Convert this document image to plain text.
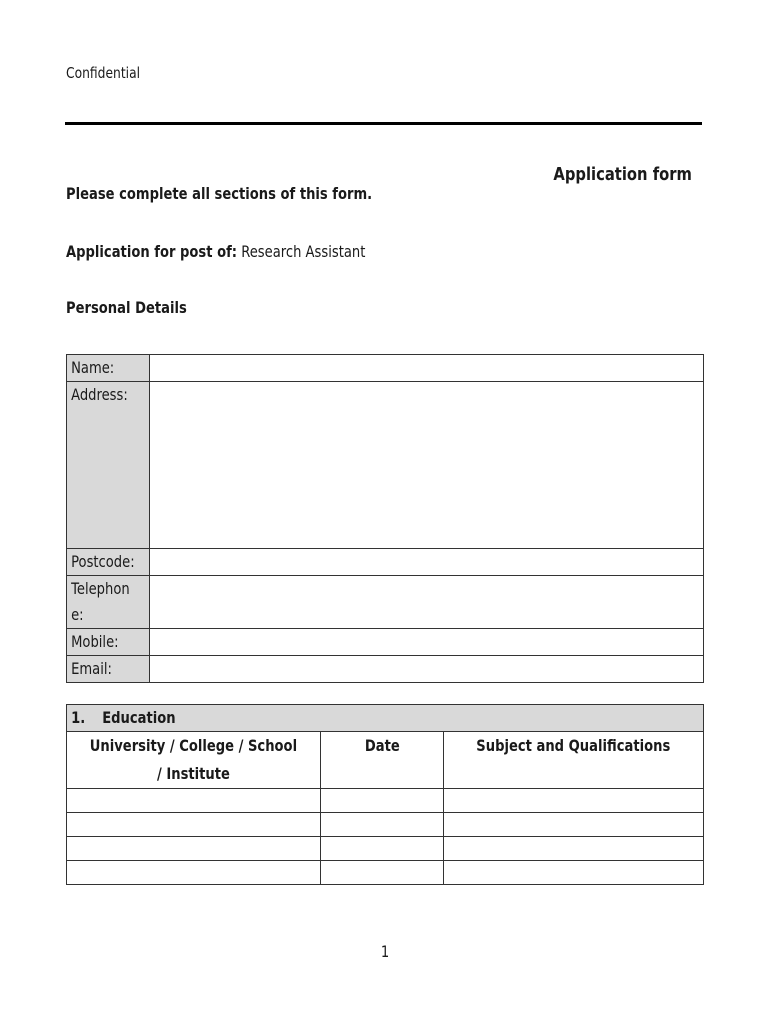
Confidential
Application form
Please complete all sections of this form.
Application for post of: Research Assistant
Personal Details
Name:	
Address:	
Postcode:	
Telephon
e:	
Mobile:	
Email:	
1. Education		
University / College / School
/ Institute	Date	Subject and Qualifications

1
